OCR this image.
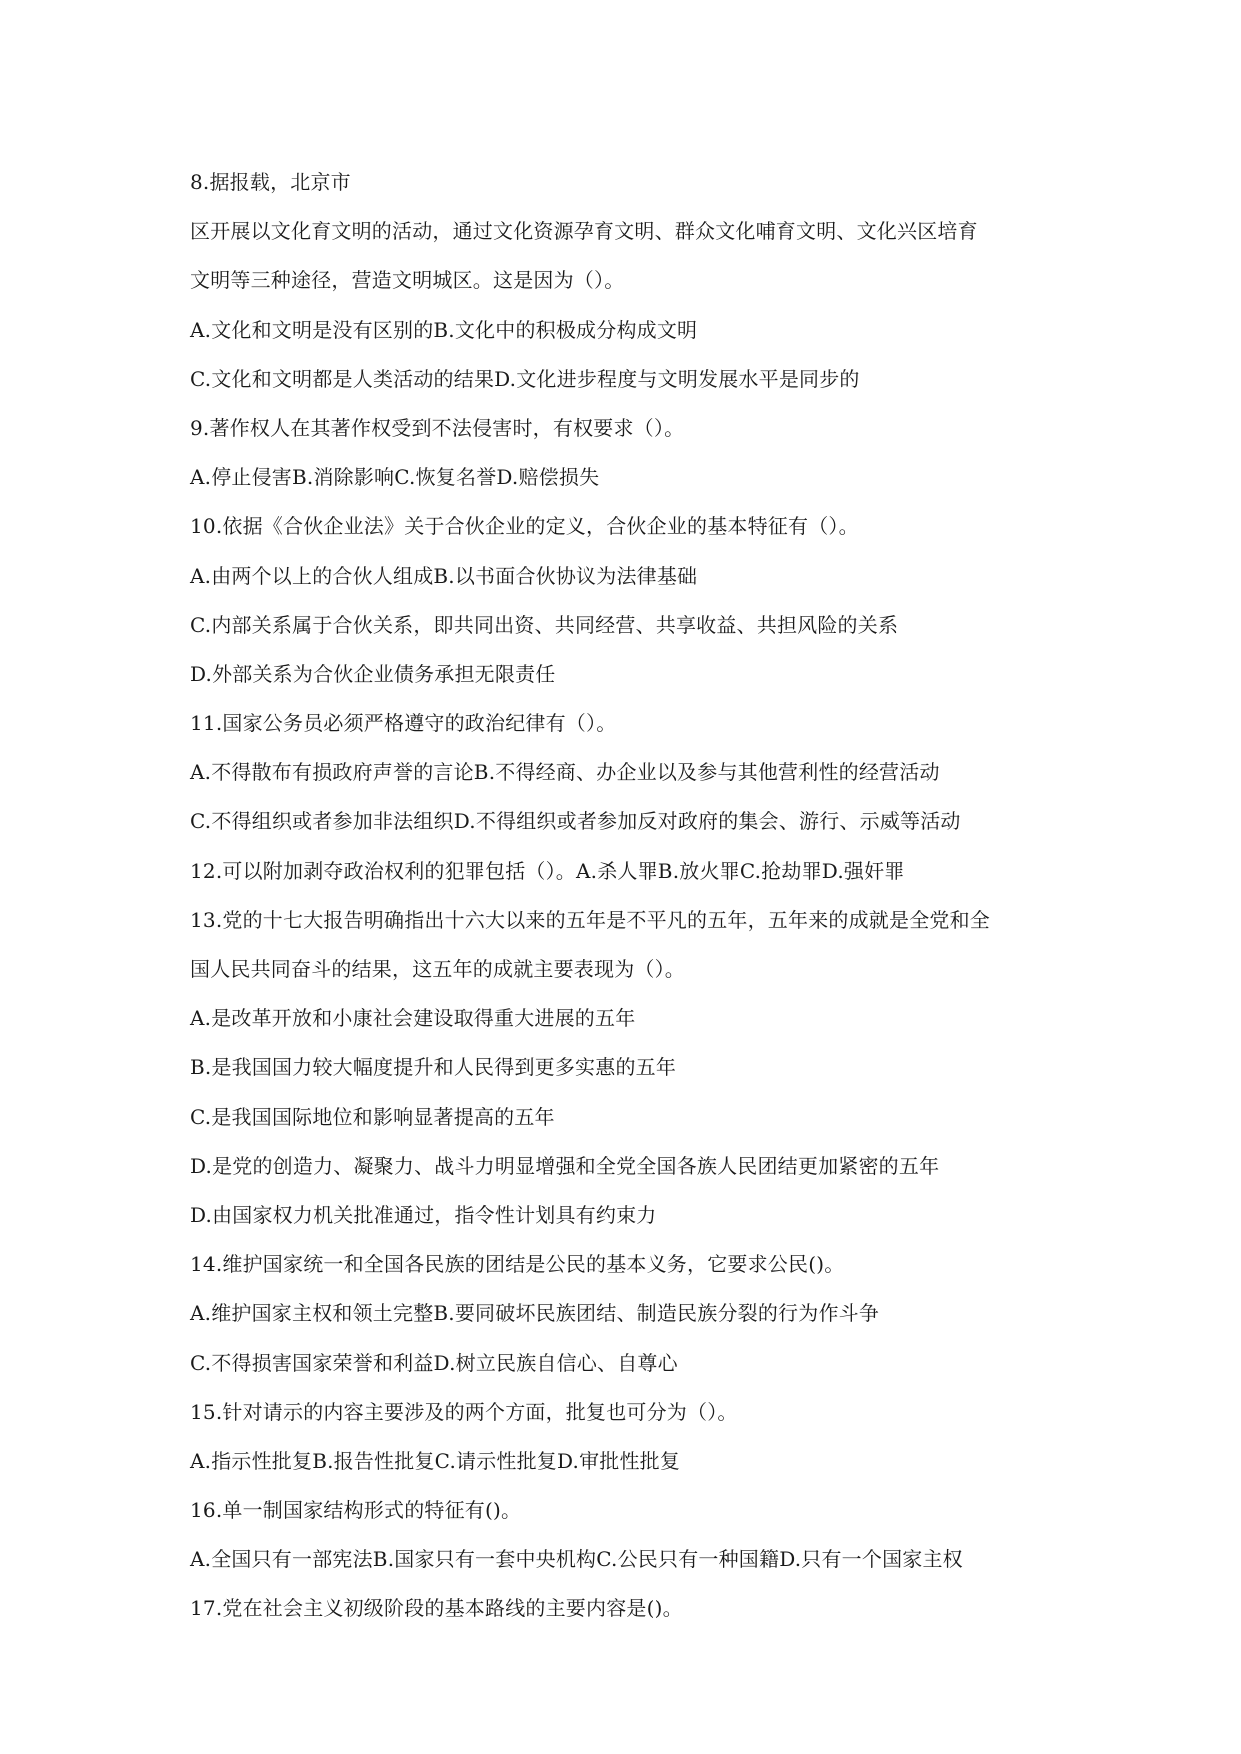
8.据报载，北京市
区开展以文化育文明的活动，通过文化资源孕育文明、群众文化哺育文明、文化兴区培育
文明等三种途径，营造文明城区。这是因为（）。
A.文化和文明是没有区别的B.文化中的积极成分构成文明
C.文化和文明都是人类活动的结果D.文化进步程度与文明发展水平是同步的
9.著作权人在其著作权受到不法侵害时，有权要求（）。
A.停止侵害B.消除影响C.恢复名誉D.赔偿损失
10.依据《合伙企业法》关于合伙企业的定义，合伙企业的基本特征有（）。
A.由两个以上的合伙人组成B.以书面合伙协议为法律基础
C.内部关系属于合伙关系，即共同出资、共同经营、共享收益、共担风险的关系
D.外部关系为合伙企业债务承担无限责任
11.国家公务员必须严格遵守的政治纪律有（）。
A.不得散布有损政府声誉的言论B.不得经商、办企业以及参与其他营利性的经营活动
C.不得组织或者参加非法组织D.不得组织或者参加反对政府的集会、游行、示威等活动
12.可以附加剥夺政治权利的犯罪包括（）。A.杀人罪B.放火罪C.抢劫罪D.强奸罪
13.党的十七大报告明确指出十六大以来的五年是不平凡的五年，五年来的成就是全党和全
国人民共同奋斗的结果，这五年的成就主要表现为（）。
A.是改革开放和小康社会建设取得重大进展的五年
B.是我国国力较大幅度提升和人民得到更多实惠的五年
C.是我国国际地位和影响显著提高的五年
D.是党的创造力、凝聚力、战斗力明显增强和全党全国各族人民团结更加紧密的五年
D.由国家权力机关批准通过，指令性计划具有约束力
14.维护国家统一和全国各民族的团结是公民的基本义务，它要求公民()。
A.维护国家主权和领土完整B.要同破坏民族团结、制造民族分裂的行为作斗争
C.不得损害国家荣誉和利益D.树立民族自信心、自尊心
15.针对请示的内容主要涉及的两个方面，批复也可分为（）。
A.指示性批复B.报告性批复C.请示性批复D.审批性批复
16.单一制国家结构形式的特征有()。
A.全国只有一部宪法B.国家只有一套中央机构C.公民只有一种国籍D.只有一个国家主权
17.党在社会主义初级阶段的基本路线的主要内容是()。
